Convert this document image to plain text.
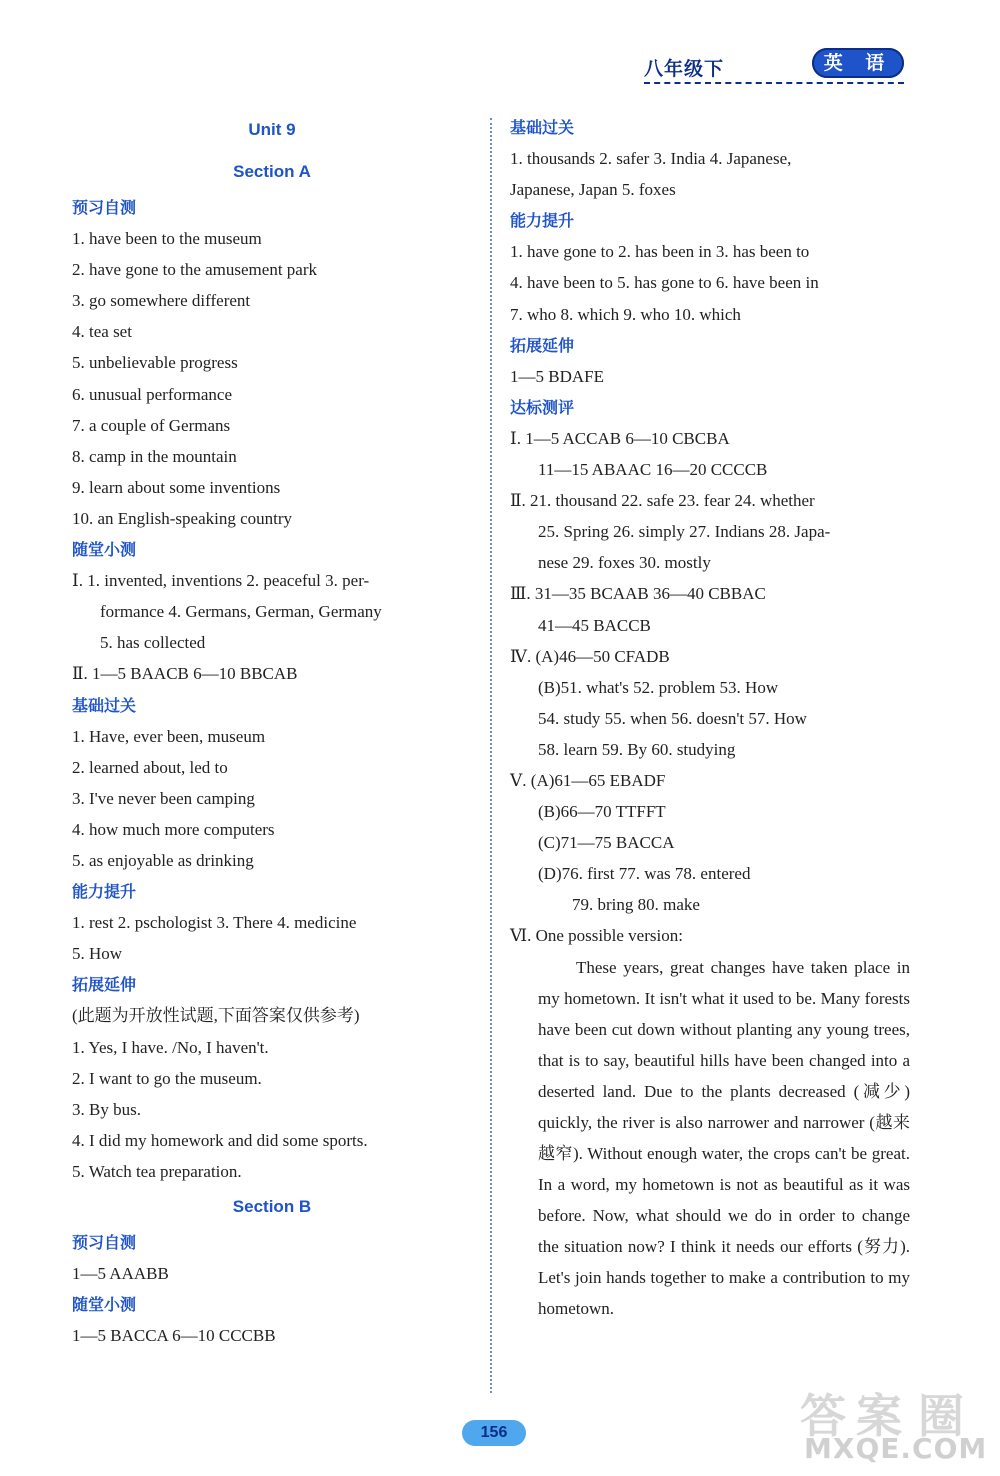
八年级下	英 语
Unit 9
Section A
预习自测
1. have been to the museum
2. have gone to the amusement park
3. go somewhere different
4. tea set
5. unbelievable progress
6. unusual performance
7. a couple of Germans
8. camp in the mountain
9. learn about some inventions
10. an English-speaking country
随堂小测
Ⅰ. 1. invented, inventions 2. peaceful 3. per-
formance 4. Germans, German, Germany
5. has collected
Ⅱ. 1—5 BAACB 6—10 BBCAB
基础过关
1. Have, ever been, museum
2. learned about, led to
3. I've never been camping
4. how much more computers
5. as enjoyable as drinking
能力提升
1. rest 2. pschologist 3. There 4. medicine
5. How
拓展延伸
(此题为开放性试题,下面答案仅供参考)
1. Yes, I have. /No, I haven't.
2. I want to go the museum.
3. By bus.
4. I did my homework and did some sports.
5. Watch tea preparation.
Section B
预习自测
1—5 AAABB
随堂小测
1—5 BACCA 6—10 CCCBB
基础过关
1. thousands 2. safer 3. India 4. Japanese,
Japanese, Japan 5. foxes
能力提升
1. have gone to 2. has been in 3. has been to
4. have been to 5. has gone to 6. have been in
7. who 8. which 9. who 10. which
拓展延伸
1—5 BDAFE
达标测评
Ⅰ. 1—5 ACCAB 6—10 CBCBA
11—15 ABAAC 16—20 CCCCB
Ⅱ. 21. thousand 22. safe 23. fear 24. whether
25. Spring 26. simply 27. Indians 28. Japa-
nese 29. foxes 30. mostly
Ⅲ. 31—35 BCAAB 36—40 CBBAC
41—45 BACCB
Ⅳ. (A)46—50 CFADB
(B)51. what's 52. problem 53. How
54. study 55. when 56. doesn't 57. How
58. learn 59. By 60. studying
Ⅴ. (A)61—65 EBADF
(B)66—70 TTFFT
(C)71—75 BACCA
(D)76. first 77. was 78. entered
79. bring 80. make
Ⅵ. One possible version:

These years, great changes have taken place in my hometown. It isn't what it used to be. Many forests have been cut down without planting any young trees, that is to say, beautiful hills have been changed into a deserted land. Due to the plants decreased (减少) quickly, the river is also narrower and narrower (越来越窄). Without enough water, the crops can't be great. In a word, my hometown is not as beautiful as it was before. Now, what should we do in order to change the situation now? I think it needs our efforts (努力). Let's join hands together to make a contribution to my hometown.

156	答 案 圈
MXQE.COM
